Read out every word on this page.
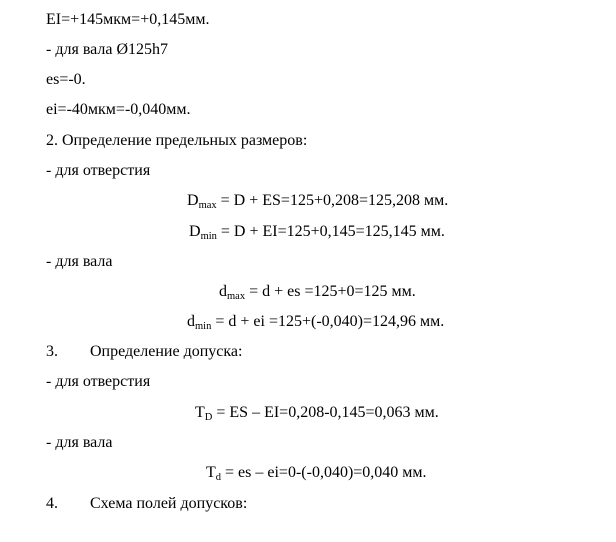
EI=+145мкм=+0,145мм.
- для вала Ø125h7
es=-0.
ei=-40мкм=-0,040мм.
2. Определение предельных размеров:
- для отверстия
$D_{max} = D + ES=125+0,208=125,208$ мм.
$D_{min} = D + EI=125+0,145=125,145$ мм.
- для вала
$d_{max} = d$ + es =125+0=125 мм.
$d_{min} = d$ + ei =125+(-0,040)=124,96 мм.
3. Определение допуска:
- для отверстия
$T_D$ = ES – EI=0,208-0,145=0,063 мм.
- для вала
$T_d$ = es – ei=0-(-0,040)=0,040 мм.
4. Схема полей допусков:
